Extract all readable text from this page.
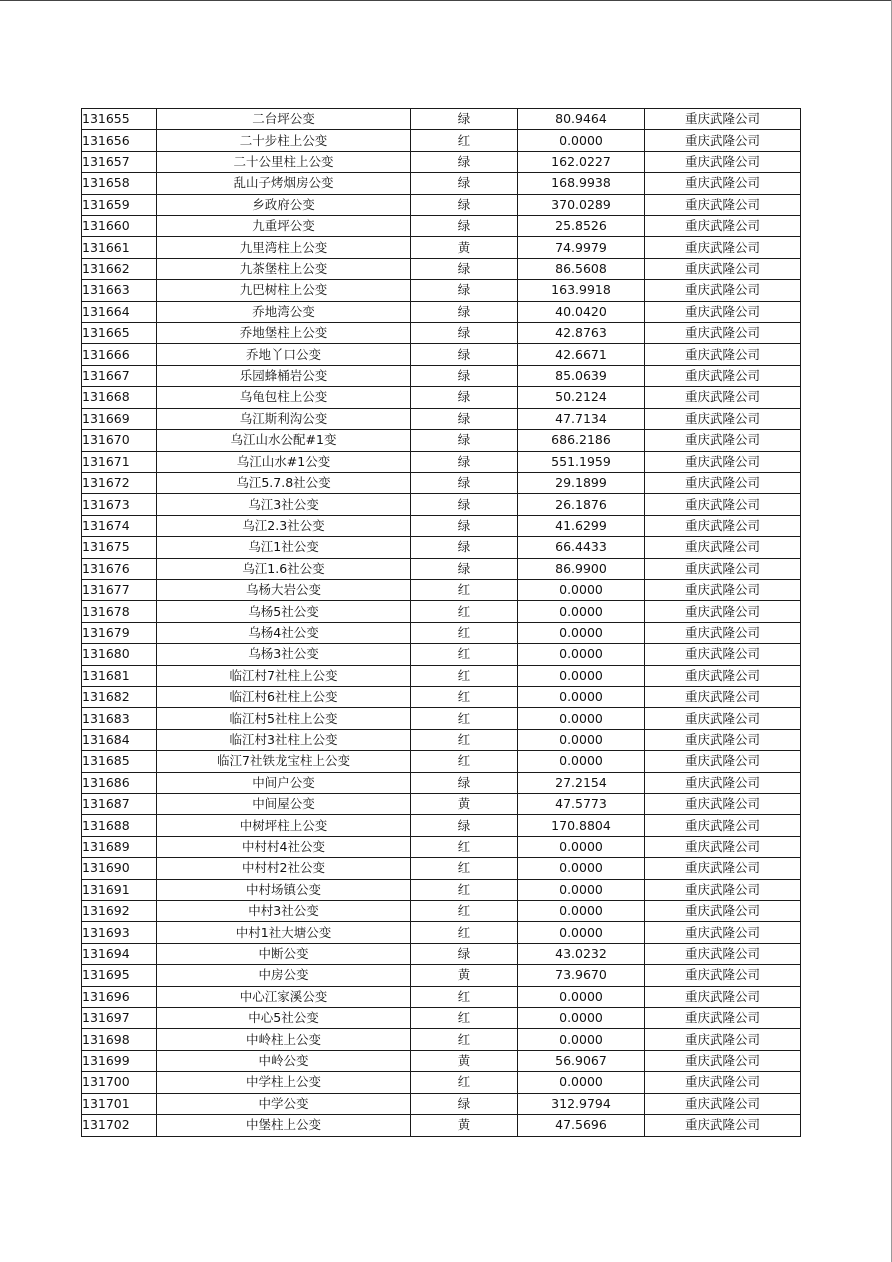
131655	二台坪公变	绿	80.9464	重庆武隆公司
131656	二十步柱上公变	红	0.0000	重庆武隆公司
131657	二十公里柱上公变	绿	162.0227	重庆武隆公司
131658	乱山子烤烟房公变	绿	168.9938	重庆武隆公司
131659	乡政府公变	绿	370.0289	重庆武隆公司
131660	九重坪公变	绿	25.8526	重庆武隆公司
131661	九里湾柱上公变	黄	74.9979	重庆武隆公司
131662	九茶堡柱上公变	绿	86.5608	重庆武隆公司
131663	九巴树柱上公变	绿	163.9918	重庆武隆公司
131664	乔地湾公变	绿	40.0420	重庆武隆公司
131665	乔地堡柱上公变	绿	42.8763	重庆武隆公司
131666	乔地丫口公变	绿	42.6671	重庆武隆公司
131667	乐园蜂桶岩公变	绿	85.0639	重庆武隆公司
131668	乌龟包柱上公变	绿	50.2124	重庆武隆公司
131669	乌江斯利沟公变	绿	47.7134	重庆武隆公司
131670	乌江山水公配#1变	绿	686.2186	重庆武隆公司
131671	乌江山水#1公变	绿	551.1959	重庆武隆公司
131672	乌江5.7.8社公变	绿	29.1899	重庆武隆公司
131673	乌江3社公变	绿	26.1876	重庆武隆公司
131674	乌江2.3社公变	绿	41.6299	重庆武隆公司
131675	乌江1社公变	绿	66.4433	重庆武隆公司
131676	乌江1.6社公变	绿	86.9900	重庆武隆公司
131677	乌杨大岩公变	红	0.0000	重庆武隆公司
131678	乌杨5社公变	红	0.0000	重庆武隆公司
131679	乌杨4社公变	红	0.0000	重庆武隆公司
131680	乌杨3社公变	红	0.0000	重庆武隆公司
131681	临江村7社柱上公变	红	0.0000	重庆武隆公司
131682	临江村6社柱上公变	红	0.0000	重庆武隆公司
131683	临江村5社柱上公变	红	0.0000	重庆武隆公司
131684	临江村3社柱上公变	红	0.0000	重庆武隆公司
131685	临江7社铁龙宝柱上公变	红	0.0000	重庆武隆公司
131686	中间户公变	绿	27.2154	重庆武隆公司
131687	中间屋公变	黄	47.5773	重庆武隆公司
131688	中树坪柱上公变	绿	170.8804	重庆武隆公司
131689	中村村4社公变	红	0.0000	重庆武隆公司
131690	中村村2社公变	红	0.0000	重庆武隆公司
131691	中村场镇公变	红	0.0000	重庆武隆公司
131692	中村3社公变	红	0.0000	重庆武隆公司
131693	中村1社大塘公变	红	0.0000	重庆武隆公司
131694	中断公变	绿	43.0232	重庆武隆公司
131695	中房公变	黄	73.9670	重庆武隆公司
131696	中心江家溪公变	红	0.0000	重庆武隆公司
131697	中心5社公变	红	0.0000	重庆武隆公司
131698	中岭柱上公变	红	0.0000	重庆武隆公司
131699	中岭公变	黄	56.9067	重庆武隆公司
131700	中学柱上公变	红	0.0000	重庆武隆公司
131701	中学公变	绿	312.9794	重庆武隆公司
131702	中堡柱上公变	黄	47.5696	重庆武隆公司
